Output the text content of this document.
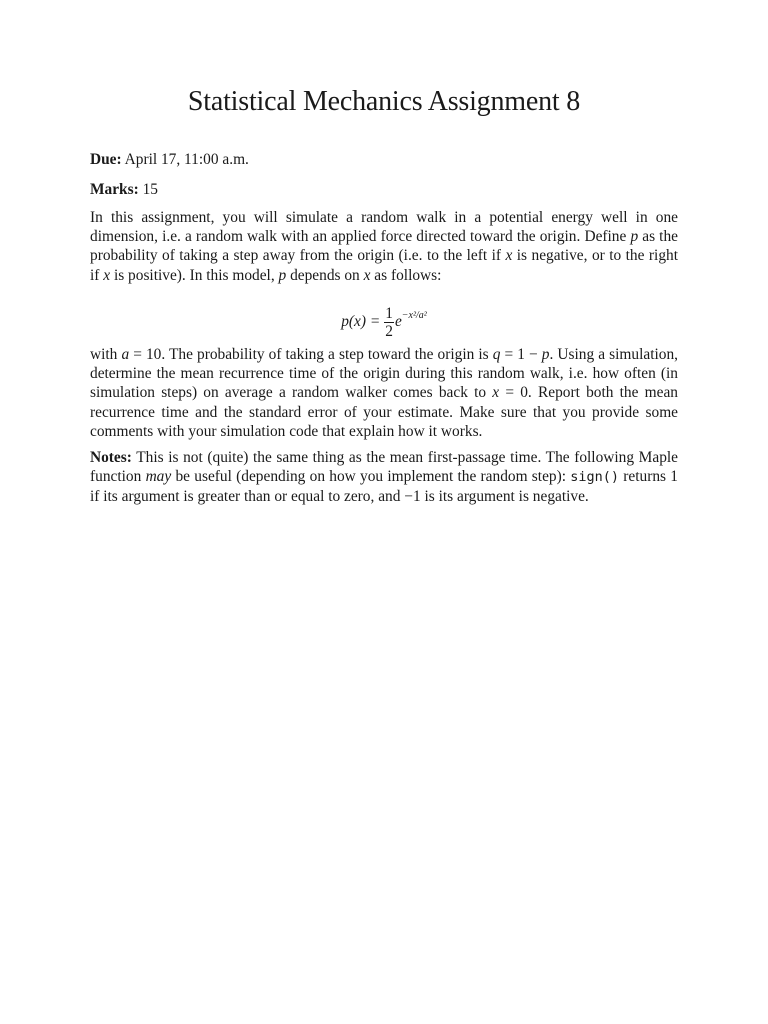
Statistical Mechanics Assignment 8

Due: April 17, 11:00 a.m.

Marks: 15

In this assignment, you will simulate a random walk in a potential energy well in one dimension, i.e. a random walk with an applied force directed toward the origin. Define p as the probability of taking a step away from the origin (i.e. to the left if x is negative, or to the right if x is positive). In this model, p depends on x as follows:

$p(x) = \frac{1}{2} e^{-x^2/a^2}$

with a = 10. The probability of taking a step toward the origin is q = 1 − p. Using a simulation, determine the mean recurrence time of the origin during this random walk, i.e. how often (in simulation steps) on average a random walker comes back to x = 0. Report both the mean recurrence time and the standard error of your estimate. Make sure that you provide some comments with your simulation code that explain how it works.

Notes: This is not (quite) the same thing as the mean first-passage time. The following Maple function may be useful (depending on how you implement the random step): sign() returns 1 if its argument is greater than or equal to zero, and −1 is its argument is negative.
